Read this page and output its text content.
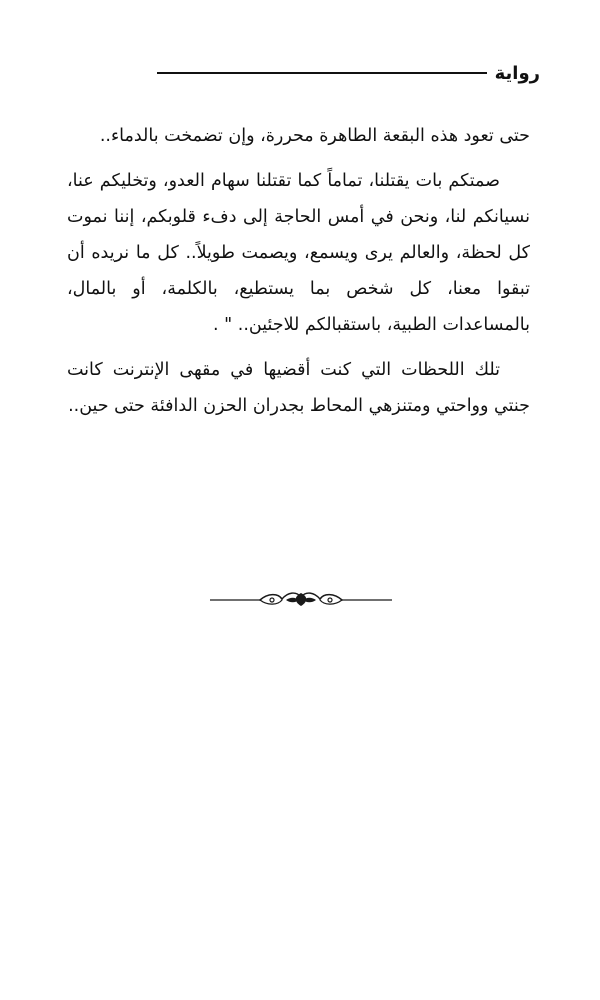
رواية

حتى تعود هذه البقعة الطاهرة محررة، وإن تضمخت بالدماء..

صمتكم بات يقتلنا، تماماً كما تقتلنا سهام العدو، وتخليكم عنا، نسيانكم لنا، ونحن في أمس الحاجة إلى دفء قلوبكم، إننا نموت كل لحظة، والعالم يرى ويسمع، ويصمت طويلاً.. كل ما نريده أن تبقوا معنا، كل شخص بما يستطيع، بالكلمة، أو بالمال، بالمساعدات الطبية، باستقبالكم للاجئين.. " .

تلك اللحظات التي كنت أقضيها في مقهى الإنترنت كانت جنتي وواحتي ومتنزهي المحاط بجدران الحزن الدافئة حتى حين..
